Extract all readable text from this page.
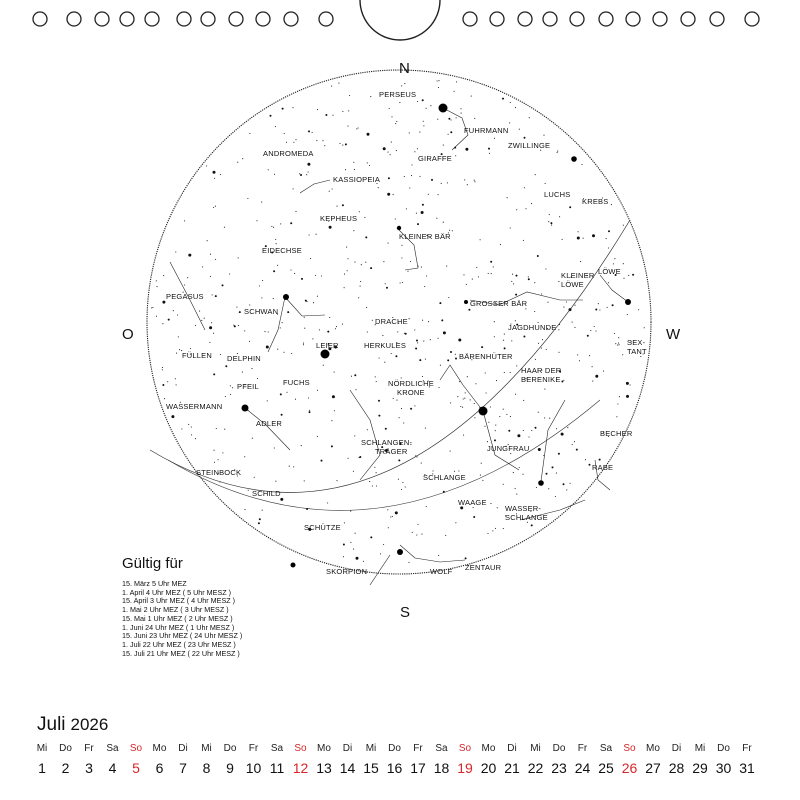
N
S
O	W
PERSEUS
FUHRMANN
ANDROMEDA
ZWILLINGE
GIRAFFE
KASSIOPEIA
LUCHS
KREBS
KEPHEUS
KLEINER BÄR
EIDECHSE
KLEINER
LÖWE
LÖWE
PEGASUS
GROSSER BÄR
SCHWAN
DRACHE
JAGDHUNDE
SEX-
TANT
LEIER	HERKULES
FÜLLEN DELPHIN	BÄRENHÜTER
HAAR DER
BERENIKE
PFEIL	FUCHS	NÖRDLICHE
KRONE
WASSERMANN
ADLER
BECHER
SCHLANGEN-
TRÄGER	JUNGFRAU
STEINBOCK
RABE
SCHLANGE
SCHILD
WAAGE
WASSER-
SCHLANGE
SCHÜTZE
SKORPION	WOLF ZENTAUR
Gültig für
15. März 5 Uhr MEZ
1. April 4 Uhr MEZ ( 5 Uhr MESZ )
15. April 3 Uhr MEZ ( 4 Uhr MESZ )
1. Mai 2 Uhr MEZ ( 3 Uhr MESZ )
15. Mai 1 Uhr MEZ ( 2 Uhr MESZ )
1. Juni 24 Uhr MEZ ( 1 Uhr MESZ )
15. Juni 23 Uhr MEZ ( 24 Uhr MESZ )
1. Juli 22 Uhr MEZ ( 23 Uhr MESZ )
15. Juli 21 Uhr MEZ ( 22 Uhr MESZ )
Juli 2026
Mi
1
Do
2
Fr
3
Sa
4
So
5
Mo
6
Di
7
Mi
8
Do
9
Fr
10
Sa
11
So
12
Mo
13
Di
14
Mi
15
Do
16
Fr
17
Sa
18
So
19
Mo
20
Di
21
Mi
22
Do
23
Fr
24
Sa
25
So
26
Mo
27
Di
28
Mi
29
Do
30
Fr
31
